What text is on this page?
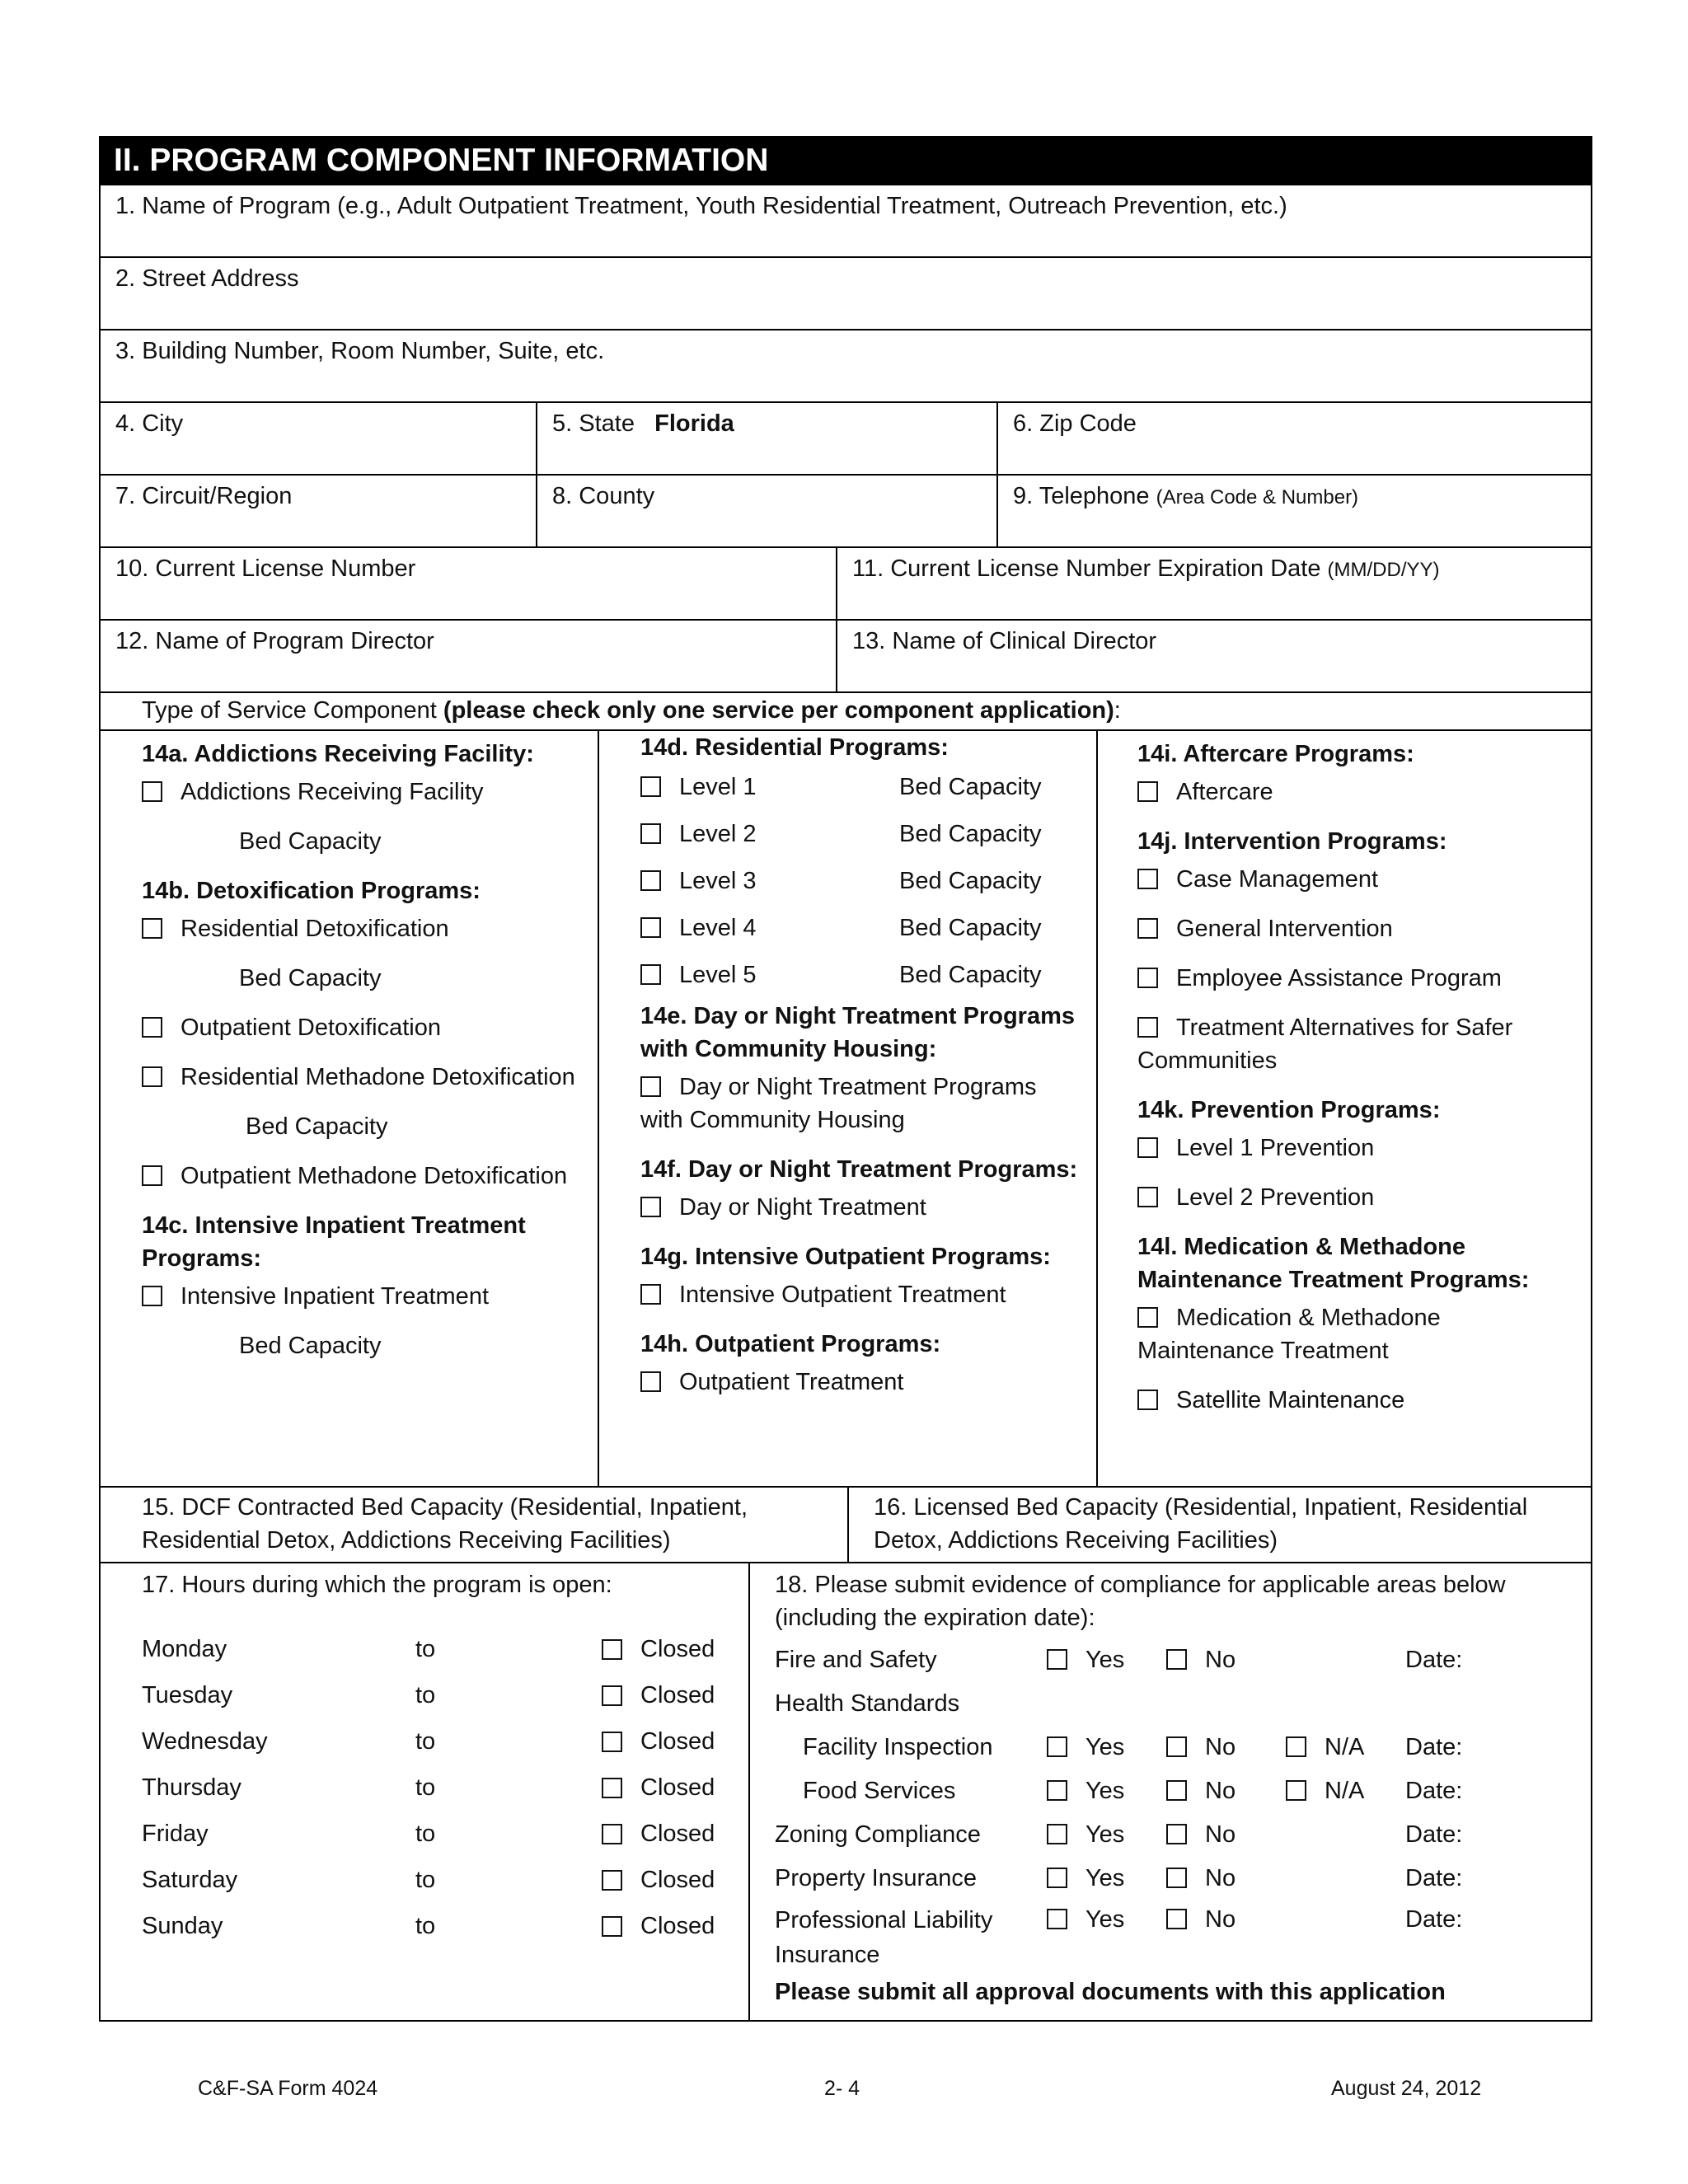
II. PROGRAM COMPONENT INFORMATION
1. Name of Program (e.g., Adult Outpatient Treatment, Youth Residential Treatment, Outreach Prevention, etc.)
2. Street Address
3. Building Number, Room Number, Suite, etc.
4. City	5. State Florida	6. Zip Code
7. Circuit/Region	8. County	9. Telephone (Area Code & Number)
10. Current License Number	11. Current License Number Expiration Date (MM/DD/YY)
12. Name of Program Director	13. Name of Clinical Director
Type of Service Component (please check only one service per component application):
14a. Addictions Receiving Facility:
Addictions Receiving Facility
Bed Capacity
14b. Detoxification Programs:
Residential Detoxification
Bed Capacity
Outpatient Detoxification
Residential Methadone Detoxification
Bed Capacity
Outpatient Methadone Detoxification
14c. Intensive Inpatient Treatment Programs:
Intensive Inpatient Treatment
Bed Capacity
14d. Residential Programs:
Level 1	Bed Capacity
Level 2	Bed Capacity
Level 3	Bed Capacity
Level 4	Bed Capacity
Level 5	Bed Capacity
14e. Day or Night Treatment Programs with Community Housing:
Day or Night Treatment Programs with Community Housing
14f. Day or Night Treatment Programs:
Day or Night Treatment
14g. Intensive Outpatient Programs:
Intensive Outpatient Treatment
14h. Outpatient Programs:
Outpatient Treatment
14i. Aftercare Programs:
Aftercare
14j. Intervention Programs:
Case Management
General Intervention
Employee Assistance Program
Treatment Alternatives for Safer Communities
14k. Prevention Programs:
Level 1 Prevention
Level 2 Prevention
14l. Medication & Methadone Maintenance Treatment Programs:
Medication & Methadone Maintenance Treatment
Satellite Maintenance
15. DCF Contracted Bed Capacity (Residential, Inpatient, Residential Detox, Addictions Receiving Facilities)
16. Licensed Bed Capacity (Residential, Inpatient, Residential Detox, Addictions Receiving Facilities)
17. Hours during which the program is open:
Monday	to	Closed
Tuesday	to	Closed
Wednesday	to	Closed
Thursday	to	Closed
Friday	to	Closed
Saturday	to	Closed
Sunday	to	Closed
18. Please submit evidence of compliance for applicable areas below (including the expiration date):
Fire and Safety	Yes	No	Date:
Health Standards
Facility Inspection	Yes	No	N/A	Date:
Food Services	Yes	No	N/A	Date:
Zoning Compliance	Yes	No	Date:
Property Insurance	Yes	No	Date:
Professional Liability Insurance
Yes	No	Date:
Please submit all approval documents with this application
C&F-SA Form 4024	2- 4	August 24, 2012
